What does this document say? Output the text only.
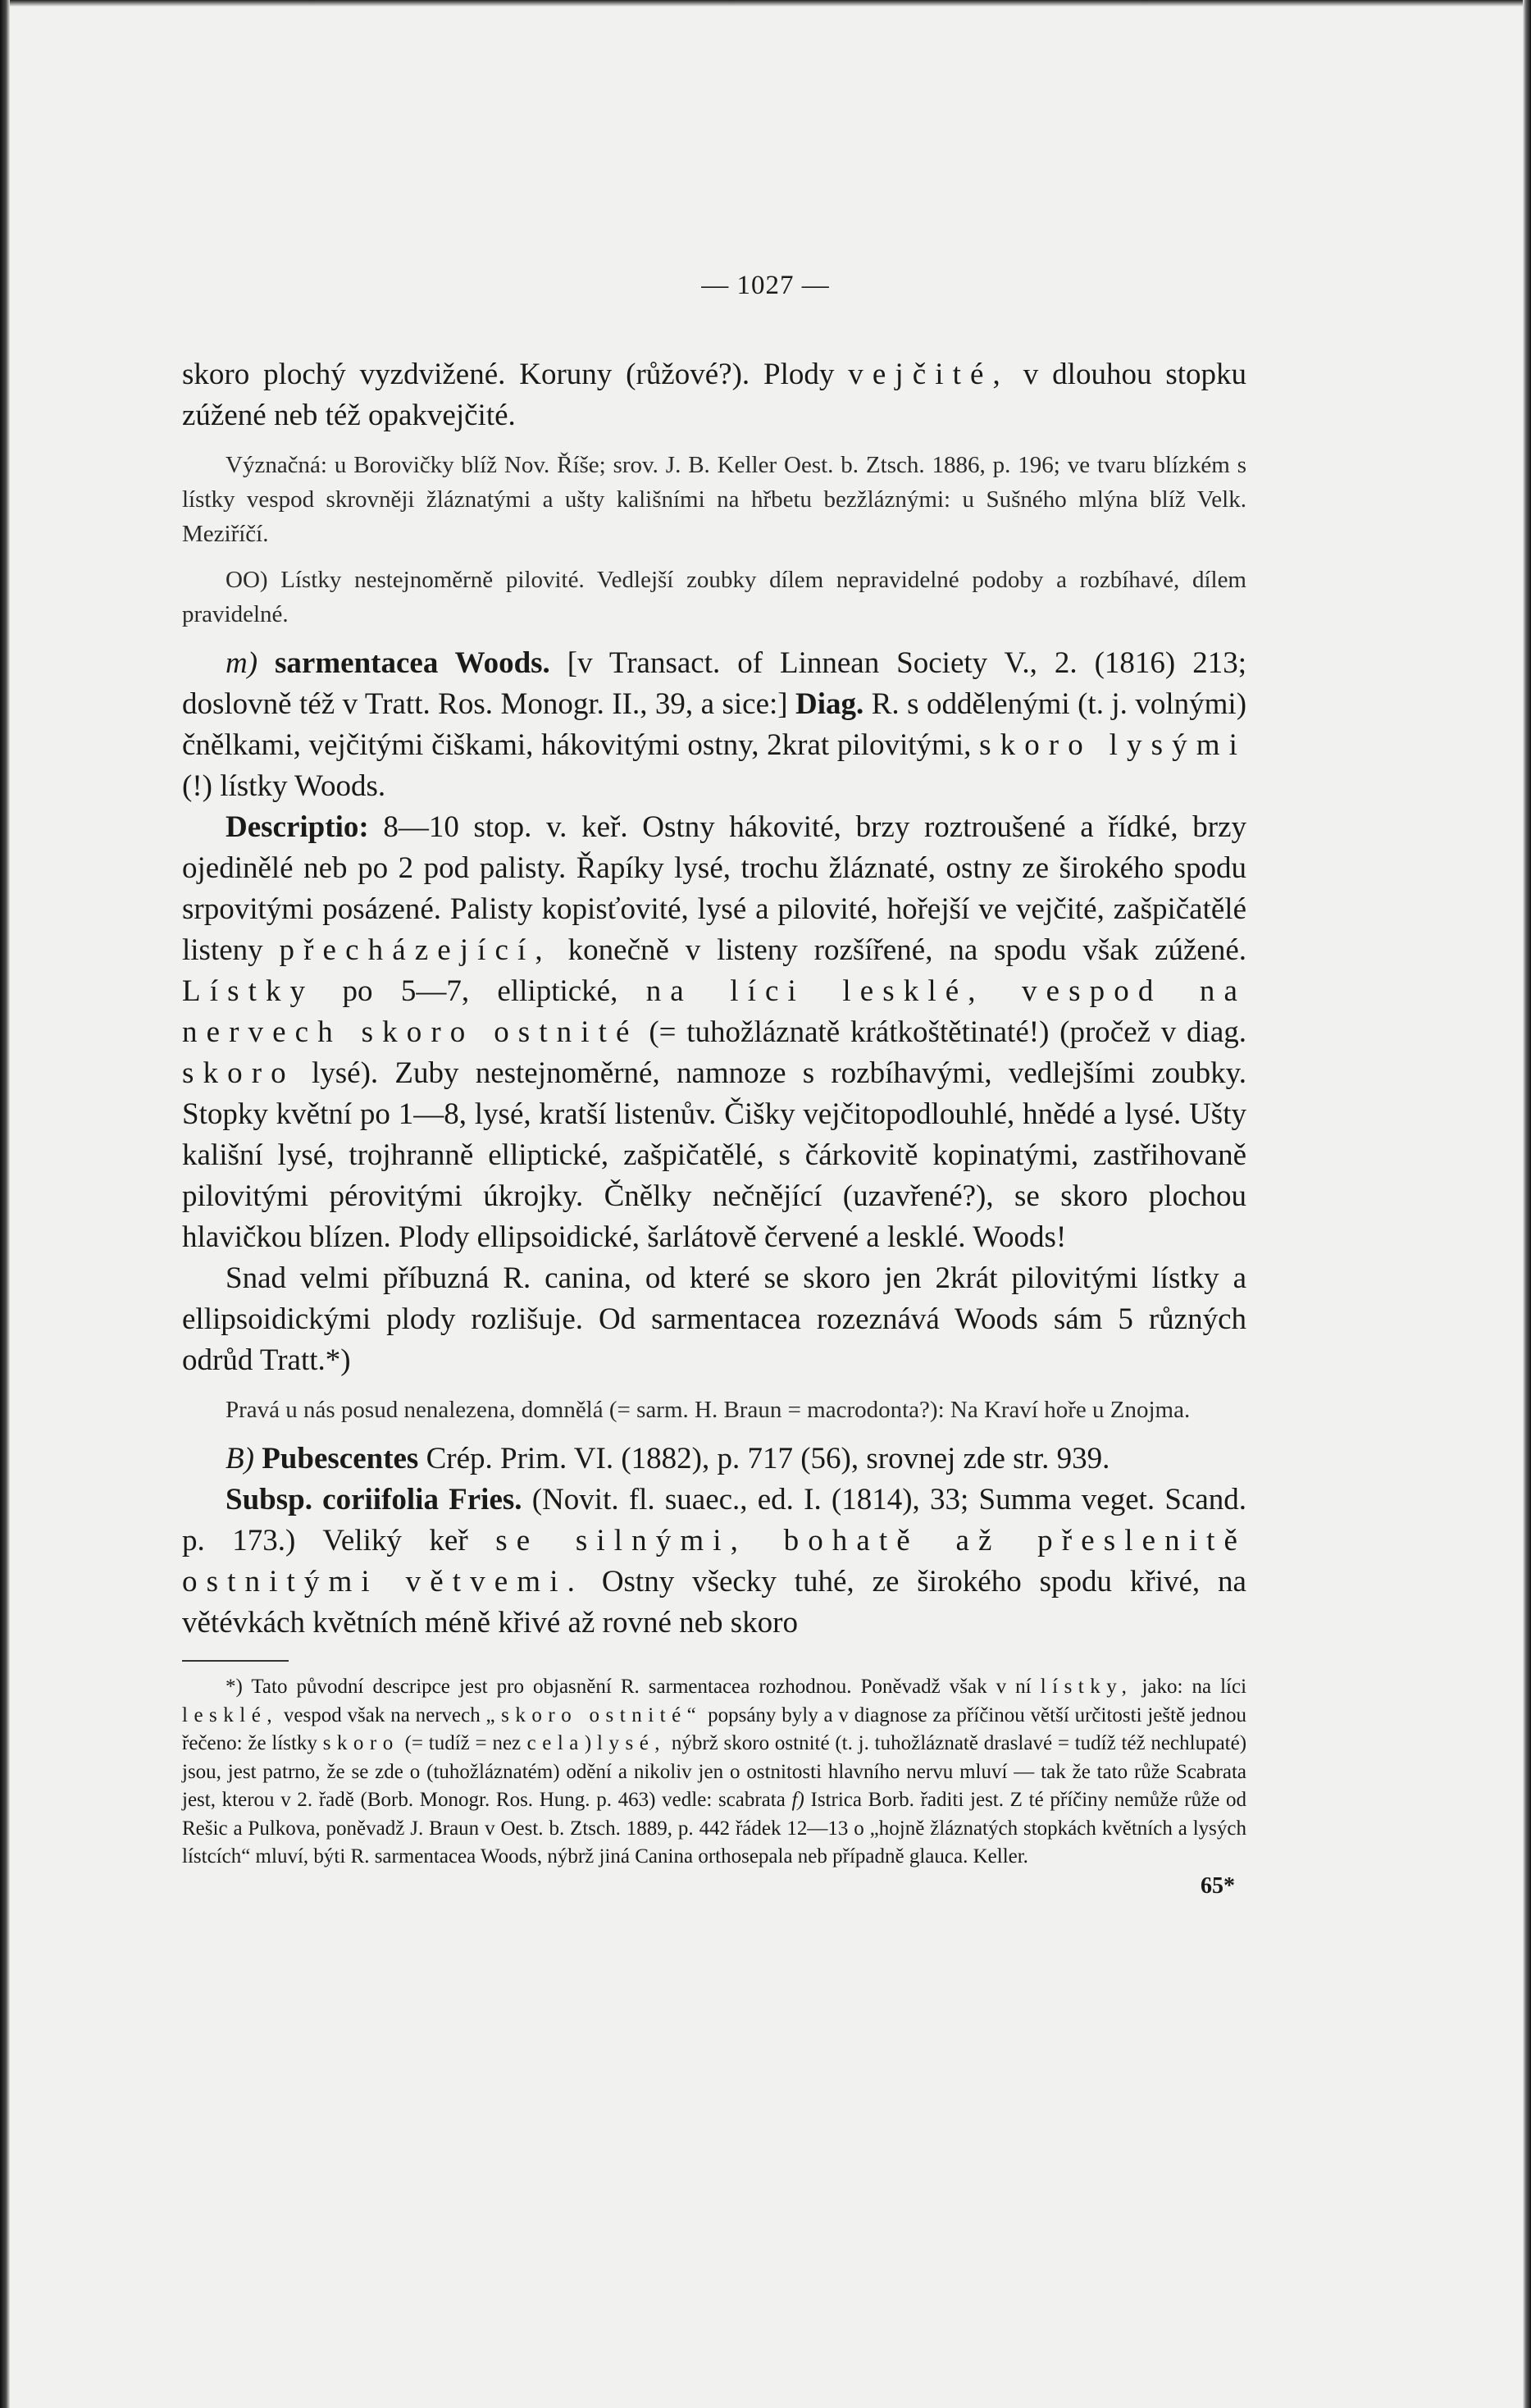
— 1027 —

skoro plochý vyzdvižené. Koruny (růžové?). Plody vejčité, v dlouhou stopku zúžené neb též opakvejčité.

Význačná: u Borovičky blíž Nov. Říše; srov. J. B. Keller Oest. b. Ztsch. 1886, p. 196; ve tvaru blízkém s lístky vespod skrovněji žláznatými a ušty kališními na hřbetu bezžláznými: u Sušného mlýna blíž Velk. Meziříčí.

OO) Lístky nestejnoměrně pilovité. Vedlejší zoubky dílem nepravidelné podoby a rozbíhavé, dílem pravidelné.

m) sarmentacea Woods. [v Transact. of Linnean Society V., 2. (1816) 213; doslovně též v Tratt. Ros. Monogr. II., 39, a sice:] Diag. R. s oddělenými (t. j. volnými) čnělkami, vejčitými čiškami, hákovitými ostny, 2krat pilovitými, skoro lysými (!) lístky Woods.

Descriptio: 8—10 stop. v. keř. Ostny hákovité, brzy roztroušené a řídké, brzy ojedinělé neb po 2 pod palisty. Řapíky lysé, trochu žláznaté, ostny ze širokého spodu srpovitými posázené. Palisty kopisťovité, lysé a pilovité, hořejší ve vejčité, zašpičatělé listeny přecházející, konečně v listeny rozšířené, na spodu však zúžené. Lístky po 5—7, elliptické, na líci lesklé, vespod na nervech skoro ostnité (= tuhožláznatě krátkoštětinaté!) (pročež v diag. skoro lysé). Zuby nestejnoměrné, namnoze s rozbíhavými, vedlejšími zoubky. Stopky květní po 1—8, lysé, kratší listenův. Čišky vejčitopodlouhlé, hnědé a lysé. Ušty kališní lysé, trojhranně elliptické, zašpičatělé, s čárkovitě kopinatými, zastřihovaně pilovitými pérovitými úkrojky. Čnělky nečnějící (uzavřené?), se skoro plochou hlavičkou blízen. Plody ellipsoidické, šarlátově červené a lesklé. Woods!

Snad velmi příbuzná R. canina, od které se skoro jen 2krát pilovitými lístky a ellipsoidickými plody rozlišuje. Od sarmentacea rozeznává Woods sám 5 různých odrůd Tratt.*)

Pravá u nás posud nenalezena, domnělá (= sarm. H. Braun = macrodonta?): Na Kraví hoře u Znojma.

B) Pubescentes Crép. Prim. VI. (1882), p. 717 (56), srovnej zde str. 939.

Subsp. coriifolia Fries. (Novit. fl. suaec., ed. I. (1814), 33; Summa veget. Scand. p. 173.) Veliký keř se silnými, bohatě až přeslenitě ostnitými větvemi. Ostny všecky tuhé, ze širokého spodu křivé, na větévkách květních méně křivé až rovné neb skoro

*) Tato původní descripce jest pro objasnění R. sarmentacea rozhodnou. Poněvadž však v ní lístky, jako: na líci lesklé, vespod však na nervech „skoro ostnité“ popsány byly a v diagnose za příčinou větší určitosti ještě jednou řečeno: že lístky skoro (= tudíž = nezcela) lysé, nýbrž skoro ostnité (t. j. tuhožláznatě draslavé = tudíž též nechlupaté) jsou, jest patrno, že se zde o (tuhožláznatém) odění a nikoliv jen o ostnitosti hlavního nervu mluví — tak že tato růže Scabrata jest, kterou v 2. řadě (Borb. Monogr. Ros. Hung. p. 463) vedle: scabrata f) Istrica Borb. řaditi jest. Z té příčiny nemůže růže od Rešic a Pulkova, poněvadž J. Braun v Oest. b. Ztsch. 1889, p. 442 řádek 12—13 o „hojně žláznatých stopkách květních a lysých lístcích“ mluví, býti R. sarmentacea Woods, nýbrž jiná Canina orthosepala neb případně glauca. Keller.

65*
